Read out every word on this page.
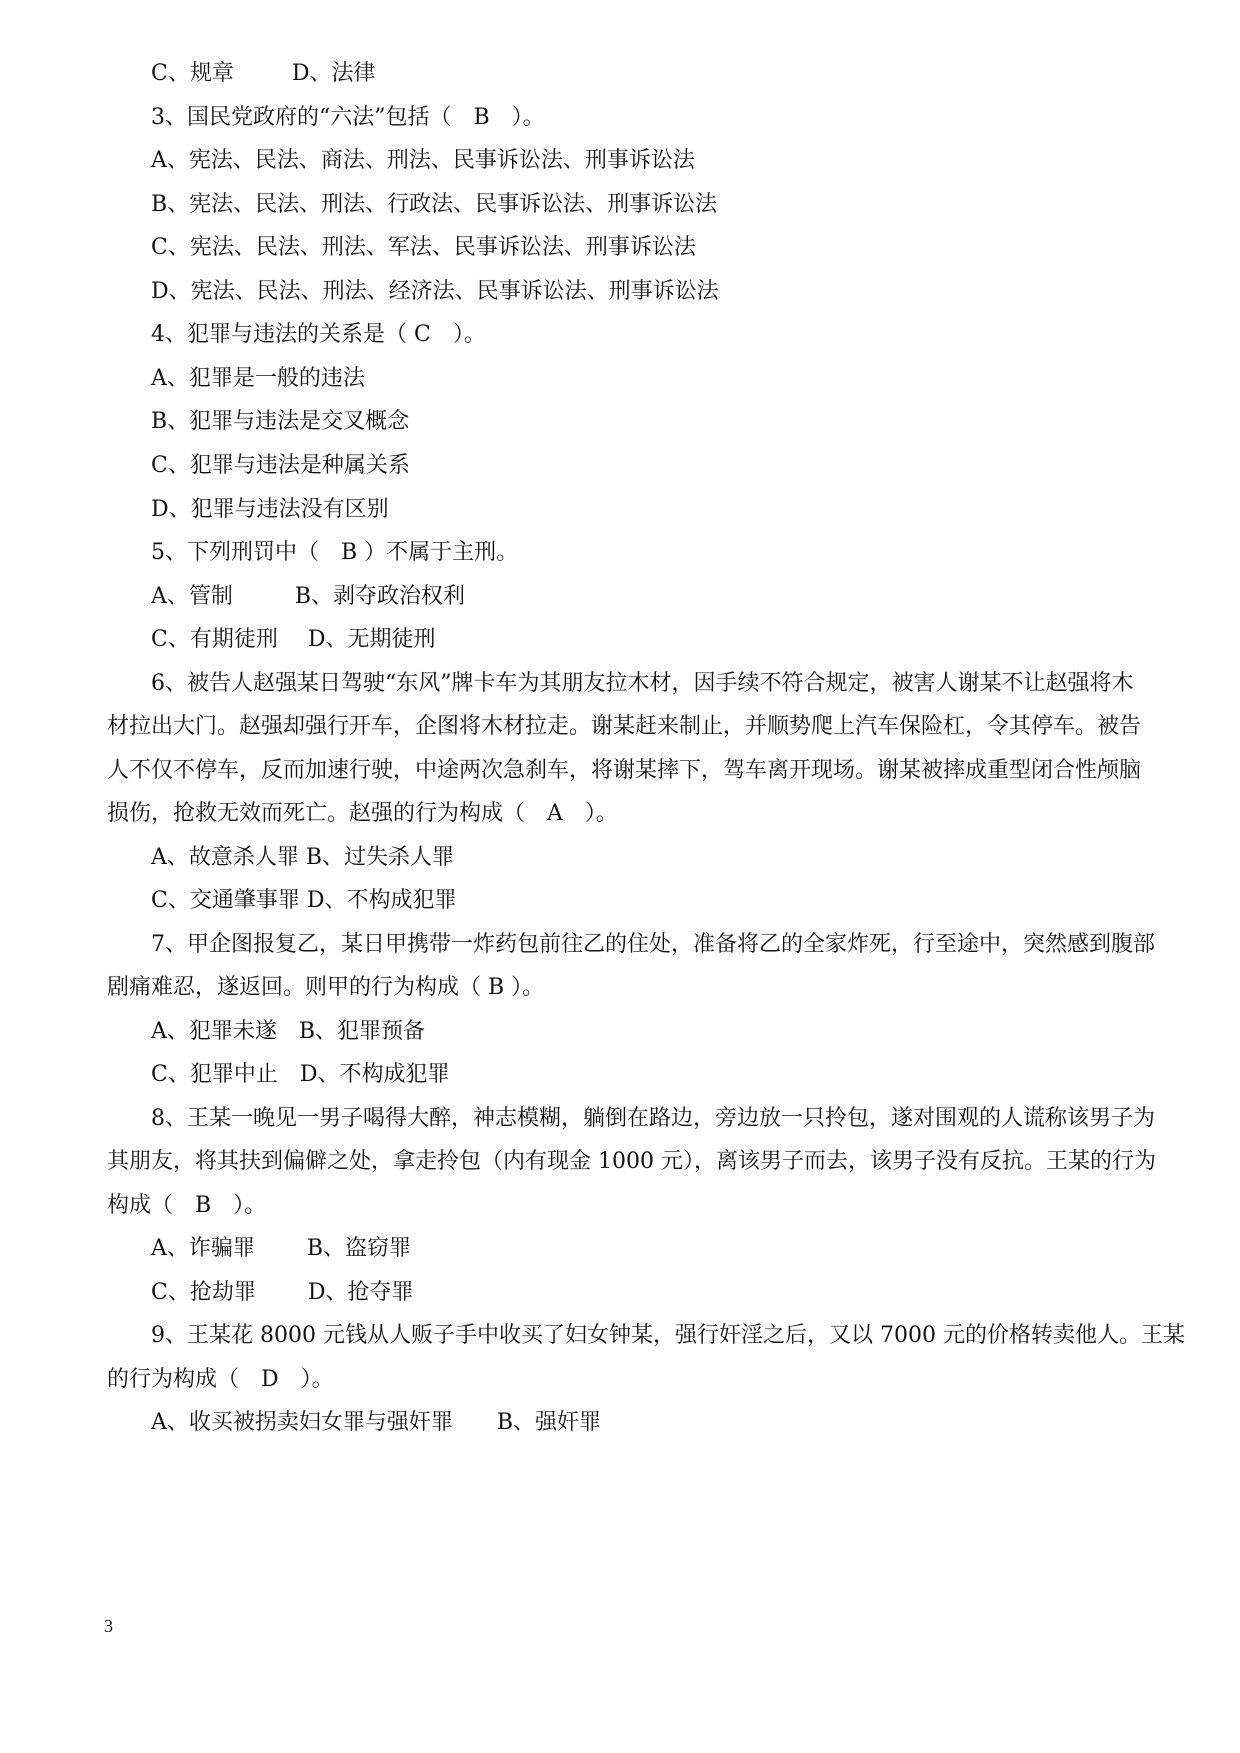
C、规章	D、法律
3、国民党政府的“六法”包括（　B　）。
A、宪法、民法、商法、刑法、民事诉讼法、刑事诉讼法
B、宪法、民法、刑法、行政法、民事诉讼法、刑事诉讼法
C、宪法、民法、刑法、军法、民事诉讼法、刑事诉讼法
D、宪法、民法、刑法、经济法、民事诉讼法、刑事诉讼法
4、犯罪与违法的关系是（ C　）。
A、犯罪是一般的违法
B、犯罪与违法是交叉概念
C、犯罪与违法是种属关系
D、犯罪与违法没有区别
5、下列刑罚中（　B ）不属于主刑。
A、管制	B、剥夺政治权利
C、有期徒刑 D、无期徒刑
6、被告人赵强某日驾驶“东风”牌卡车为其朋友拉木材，因手续不符合规定，被害人谢某不让赵强将木
材拉出大门。赵强却强行开车，企图将木材拉走。谢某赶来制止，并顺势爬上汽车保险杠，令其停车。被告
人不仅不停车，反而加速行驶，中途两次急刹车，将谢某摔下，驾车离开现场。谢某被摔成重型闭合性颅脑
损伤，抢救无效而死亡。赵强的行为构成（　A　）。
A、故意杀人罪 B、过失杀人罪
C、交通肇事罪 D、不构成犯罪
7、甲企图报复乙，某日甲携带一炸药包前往乙的住处，准备将乙的全家炸死，行至途中，突然感到腹部
剧痛难忍，遂返回。则甲的行为构成（ B ）。
A、犯罪未遂 B、犯罪预备
C、犯罪中止 D、不构成犯罪
8、王某一晚见一男子喝得大醉，神志模糊，躺倒在路边，旁边放一只拎包，遂对围观的人谎称该男子为
其朋友，将其扶到偏僻之处，拿走拎包（内有现金 1000 元），离该男子而去，该男子没有反抗。王某的行为
构成（　B　）。
A、诈骗罪 B、盗窃罪
C、抢劫罪 D、抢夺罪
9、王某花 8000 元钱从人贩子手中收买了妇女钟某，强行奸淫之后，又以 7000 元的价格转卖他人。王某
的行为构成（　D　）。
A、收买被拐卖妇女罪与强奸罪 B、强奸罪
3
